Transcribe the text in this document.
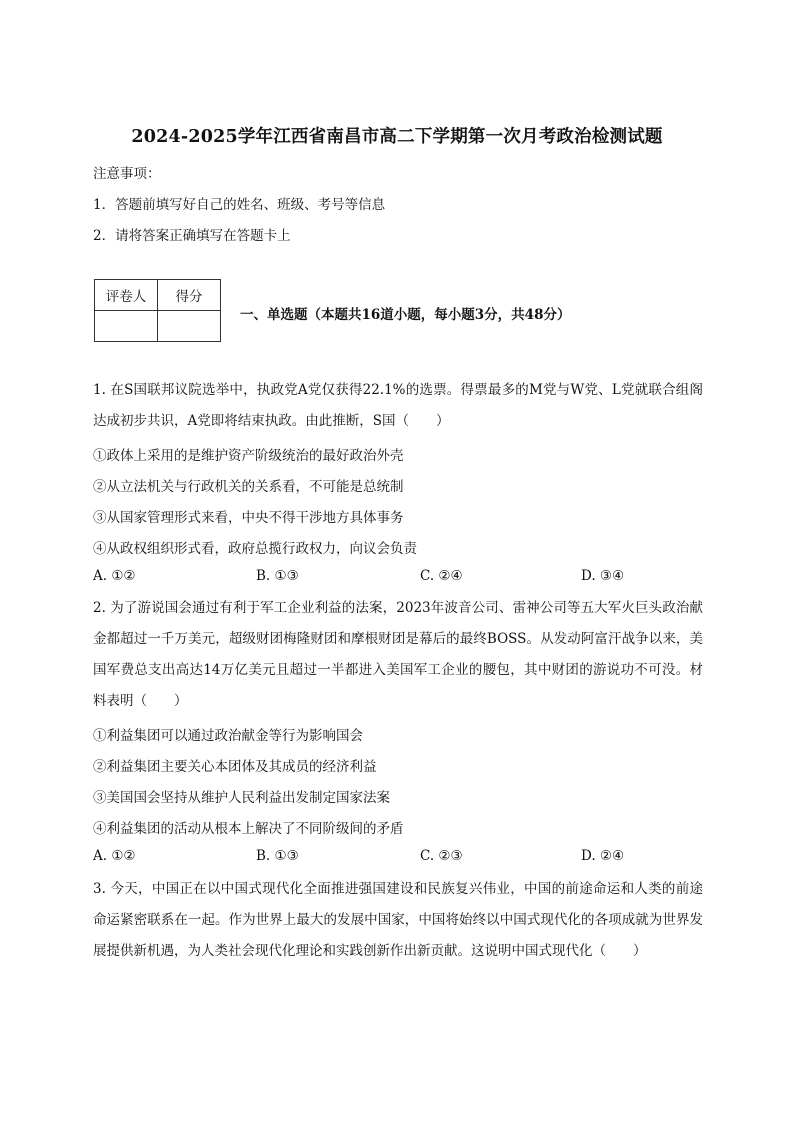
2024-2025学年江西省南昌市高二下学期第一次月考政治检测试题
注意事项：
1．答题前填写好自己的姓名、班级、考号等信息
2．请将答案正确填写在答题卡上
评卷人	得分

一、单选题（本题共16道小题，每小题3分，共48分）
1. 在S国联邦议院选举中，执政党A党仅获得22.1%的选票。得票最多的M党与W党、L党就联合组阁达成初步共识，A党即将结束执政。由此推断，S国（　　）
①政体上采用的是维护资产阶级统治的最好政治外壳
②从立法机关与行政机关的关系看，不可能是总统制
③从国家管理形式来看，中央不得干涉地方具体事务
④从政权组织形式看，政府总揽行政权力，向议会负责
A. ①②	B. ①③	C. ②④	D. ③④
2. 为了游说国会通过有利于军工企业利益的法案，2023年波音公司、雷神公司等五大军火巨头政治献金都超过一千万美元，超级财团梅隆财团和摩根财团是幕后的最终BOSS。从发动阿富汗战争以来，美国军费总支出高达14万亿美元且超过一半都进入美国军工企业的腰包，其中财团的游说功不可没。材料表明（　　）
①利益集团可以通过政治献金等行为影响国会
②利益集团主要关心本团体及其成员的经济利益
③美国国会坚持从维护人民利益出发制定国家法案
④利益集团的活动从根本上解决了不同阶级间的矛盾
A. ①②	B. ①③	C. ②③	D. ②④
3. 今天，中国正在以中国式现代化全面推进强国建设和民族复兴伟业，中国的前途命运和人类的前途命运紧密联系在一起。作为世界上最大的发展中国家，中国将始终以中国式现代化的各项成就为世界发展提供新机遇，为人类社会现代化理论和实践创新作出新贡献。这说明中国式现代化（　　）
